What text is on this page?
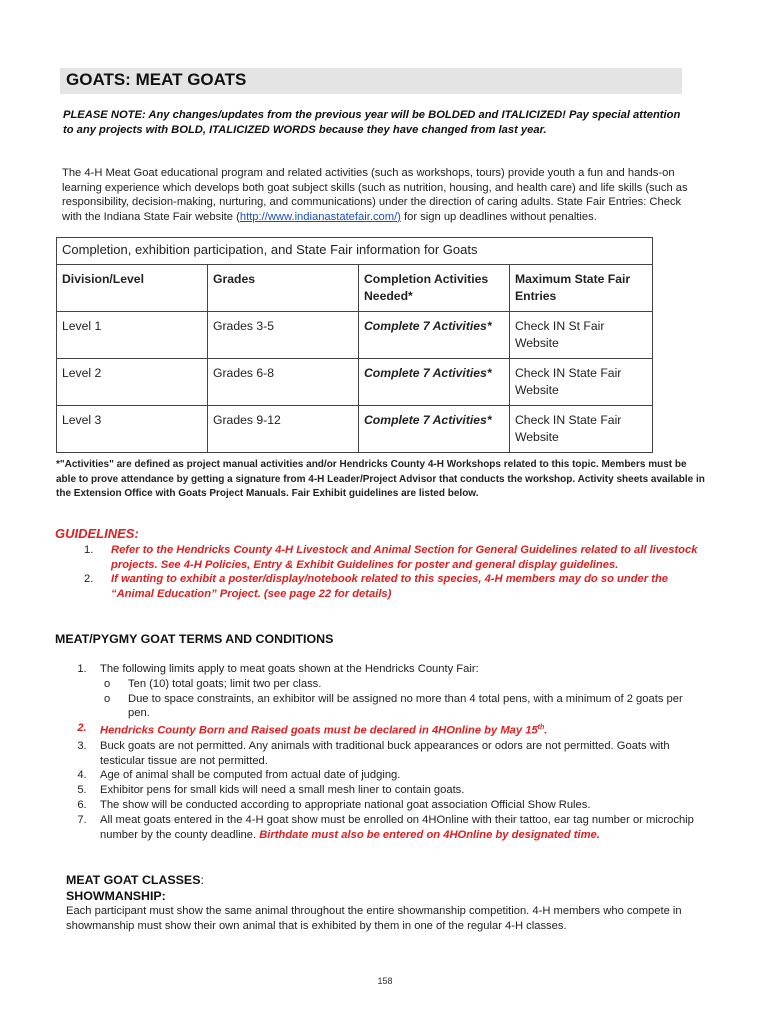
GOATS: MEAT GOATS
PLEASE NOTE: Any changes/updates from the previous year will be BOLDED and ITALICIZED! Pay special attention to any projects with BOLD, ITALICIZED WORDS because they have changed from last year.
The 4-H Meat Goat educational program and related activities (such as workshops, tours) provide youth a fun and hands-on learning experience which develops both goat subject skills (such as nutrition, housing, and health care) and life skills (such as responsibility, decision-making, nurturing, and communications) under the direction of caring adults. State Fair Entries: Check with the Indiana State Fair website (http://www.indianastatefair.com/) for sign up deadlines without penalties.
Completion, exhibition participation, and State Fair information for Goats			
Division/Level	Grades	Completion Activities Needed*	Maximum State Fair Entries
Level 1	Grades 3-5	Complete 7 Activities*	Check IN St Fair Website
Level 2	Grades 6-8	Complete 7 Activities*	Check IN State Fair Website
Level 3	Grades 9-12	Complete 7 Activities*	Check IN State Fair Website
*"Activities" are defined as project manual activities and/or Hendricks County 4-H Workshops related to this topic. Members must be able to prove attendance by getting a signature from 4-H Leader/Project Advisor that conducts the workshop. Activity sheets available in the Extension Office with Goats Project Manuals. Fair Exhibit guidelines are listed below.
GUIDELINES:
1.	Refer to the Hendricks County 4-H Livestock and Animal Section for General Guidelines related to all livestock projects. See 4-H Policies, Entry & Exhibit Guidelines for poster and general display guidelines.
2.	If wanting to exhibit a poster/display/notebook related to this species, 4-H members may do so under the “Animal Education” Project. (see page 22 for details)
MEAT/PYGMY GOAT TERMS AND CONDITIONS
1.	The following limits apply to meat goats shown at the Hendricks County Fair:
o	Ten (10) total goats; limit two per class.
o	Due to space constraints, an exhibitor will be assigned no more than 4 total pens, with a minimum of 2 goats per pen.
2.	Hendricks County Born and Raised goats must be declared in 4HOnline by May 15th.
3.	Buck goats are not permitted. Any animals with traditional buck appearances or odors are not permitted. Goats with testicular tissue are not permitted.
4.	Age of animal shall be computed from actual date of judging.
5.	Exhibitor pens for small kids will need a small mesh liner to contain goats.
6.	The show will be conducted according to appropriate national goat association Official Show Rules.
7.	All meat goats entered in the 4-H goat show must be enrolled on 4HOnline with their tattoo, ear tag number or microchip number by the county deadline. Birthdate must also be entered on 4HOnline by designated time.
MEAT GOAT CLASSES:
SHOWMANSHIP:
Each participant must show the same animal throughout the entire showmanship competition. 4-H members who compete in showmanship must show their own animal that is exhibited by them in one of the regular 4-H classes.
158
